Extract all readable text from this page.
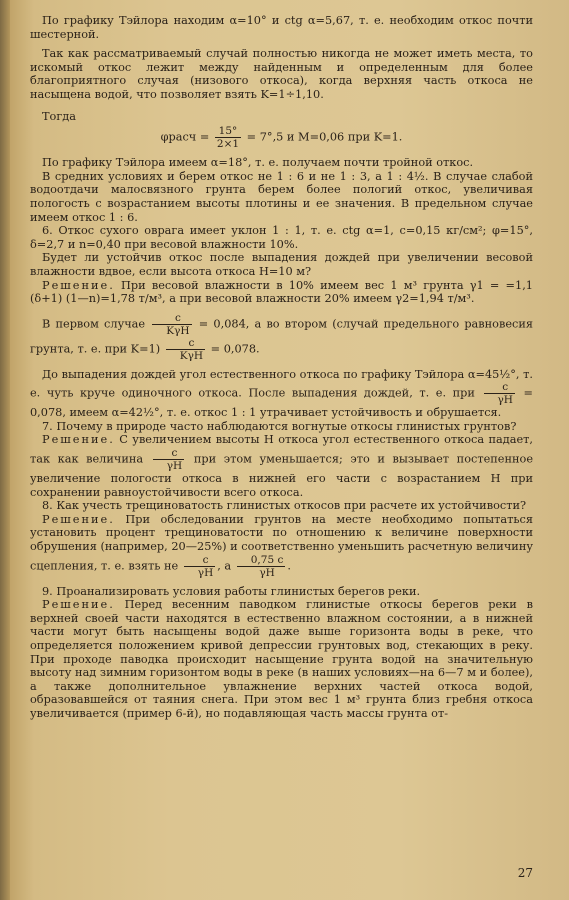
По графику Тэйлора находим α=10° и ctg α=5,67, т. е. необходим откос почти шестерной.

Так как рассматриваемый случай полностью никогда не может иметь места, то искомый откос лежит между найденным и определенным для более благоприятного случая (низового откоса), когда верхняя часть откоса не насыщена водой, что позволяет взять K=1÷1,10.

Тогда

φрасч = $\frac{15^\circ}{2\times 1} = 7^\circ,5$ и M=0,06 при K=1.

По графику Тэйлора имеем α=18°, т. е. получаем почти тройной откос.

В средних условиях и берем откос не 1 : 6 и не 1 : 3, а 1 : 4½. В случае слабой водоотдачи малосвязного грунта берем более пологий откос, увеличивая пологость с возрастанием высоты плотины и ее значения. В предельном случае имеем откос 1 : 6.

6. Откос сухого оврага имеет уклон 1 : 1, т. е. ctg α=1, c=0,15 кг/см²; φ=15°, δ=2,7 и n=0,40 при весовой влажности 10%.

Будет ли устойчив откос после выпадения дождей при увеличении весовой влажности вдвое, если высота откоса H=10 м?

Решение. При весовой влажности в 10% имеем вес 1 м³ грунта γ1 = =1,1 (δ+1) (1—n)=1,78 т/м³, а при весовой влажности 20% имеем γ2=1,94 т/м³.

В первом случае $\frac{c}{\text{KγH}} = 0,084$, а во втором (случай предельного равновесия грунта, т. е. при $K=1) \frac{c}{\text{KγH}} = 0,078$.

До выпадения дождей угол естественного откоса по графику Тэйлора α=45½°, т. е. чуть круче одиночного откоса. После выпадения дождей, т. е. при $\frac{c}{\gamma H} = 0,078$, имеем α=42½°, т. е. откос 1 : 1 утрачивает устойчивость и обрушается.

7. Почему в природе часто наблюдаются вогнутые откосы глинистых грунтов?

Решение. С увеличением высоты H откоса угол естественного откоса падает, так как величина $\frac{c}{\gamma H}$ при этом уменьшается; это и вызывает постепенное увеличение пологости откоса в нижней его части с возрастанием H при сохранении равноустойчивости всего откоса.

8. Как учесть трещиноватость глинистых откосов при расчете их устойчивости?

Решение. При обследовании грунтов на месте необходимо попытаться установить процент трещиноватости по отношению к величине поверхности обрушения (например, 20—25%) и соответственно уменьшить расчетную величину сцепления, т. е. взять не $\frac{c}{\gamma H}$ , а $\frac{0,75 c}{\gamma H}$ .

9. Проанализировать условия работы глинистых берегов реки.

Решение. Перед весенним паводком глинистые откосы берегов реки в верхней своей части находятся в естественно влажном состоянии, а в нижней части могут быть насыщены водой даже выше горизонта воды в реке, что определяется положением кривой депрессии грунтовых вод, стекающих в реку. При проходе паводка происходит насыщение грунта водой на значительную высоту над зимним горизонтом воды в реке (в наших условиях—на 6—7 м и более), а также дополнительное увлажнение верхних частей откоса водой, образовавшейся от таяния снега. При этом вес 1 м³ грунта близ гребня откоса увеличивается (пример 6-й), но подавляющая часть массы грунта от-

27
